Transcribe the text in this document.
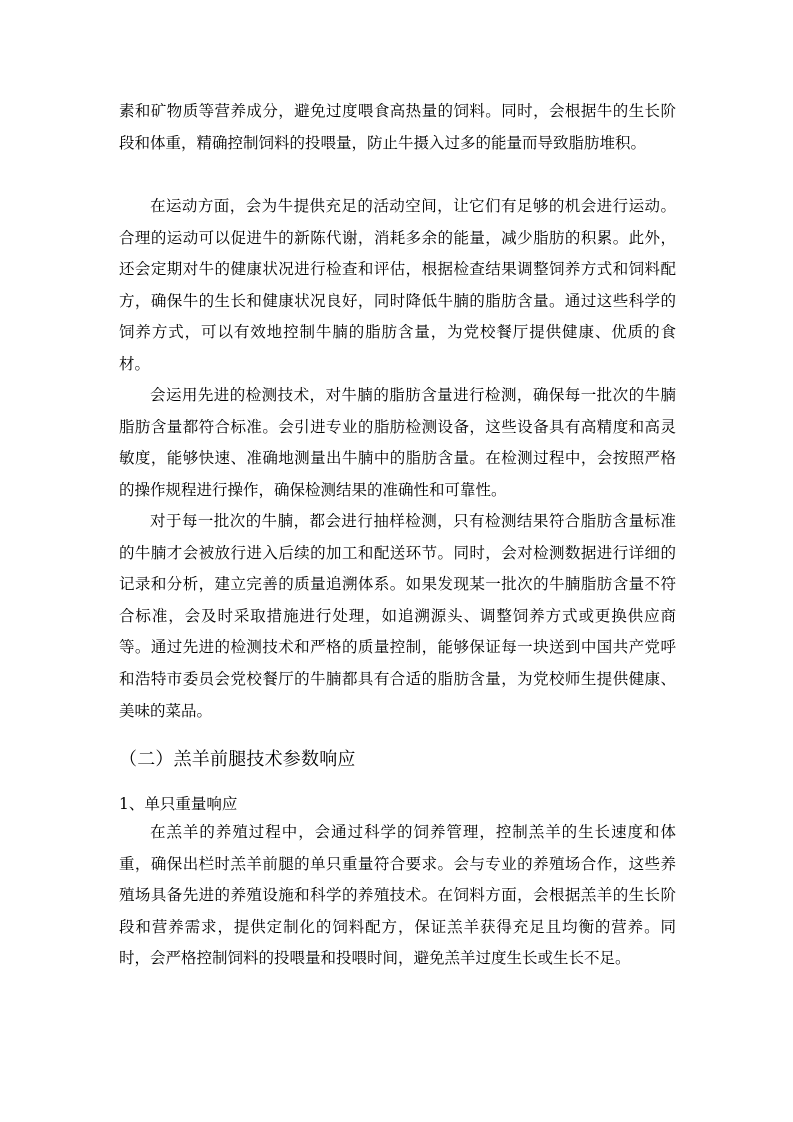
素和矿物质等营养成分，避免过度喂食高热量的饲料。同时，会根据牛的生长阶段和体重，精确控制饲料的投喂量，防止牛摄入过多的能量而导致脂肪堆积。

在运动方面，会为牛提供充足的活动空间，让它们有足够的机会进行运动。合理的运动可以促进牛的新陈代谢，消耗多余的能量，减少脂肪的积累。此外，还会定期对牛的健康状况进行检查和评估，根据检查结果调整饲养方式和饲料配方，确保牛的生长和健康状况良好，同时降低牛腩的脂肪含量。通过这些科学的饲养方式，可以有效地控制牛腩的脂肪含量，为党校餐厅提供健康、优质的食材。

会运用先进的检测技术，对牛腩的脂肪含量进行检测，确保每一批次的牛腩脂肪含量都符合标准。会引进专业的脂肪检测设备，这些设备具有高精度和高灵敏度，能够快速、准确地测量出牛腩中的脂肪含量。在检测过程中，会按照严格的操作规程进行操作，确保检测结果的准确性和可靠性。

对于每一批次的牛腩，都会进行抽样检测，只有检测结果符合脂肪含量标准的牛腩才会被放行进入后续的加工和配送环节。同时，会对检测数据进行详细的记录和分析，建立完善的质量追溯体系。如果发现某一批次的牛腩脂肪含量不符合标准，会及时采取措施进行处理，如追溯源头、调整饲养方式或更换供应商等。通过先进的检测技术和严格的质量控制，能够保证每一块送到中国共产党呼和浩特市委员会党校餐厅的牛腩都具有合适的脂肪含量，为党校师生提供健康、美味的菜品。

（二）羔羊前腿技术参数响应
1、单只重量响应

在羔羊的养殖过程中，会通过科学的饲养管理，控制羔羊的生长速度和体重，确保出栏时羔羊前腿的单只重量符合要求。会与专业的养殖场合作，这些养殖场具备先进的养殖设施和科学的养殖技术。在饲料方面，会根据羔羊的生长阶段和营养需求，提供定制化的饲料配方，保证羔羊获得充足且均衡的营养。同时，会严格控制饲料的投喂量和投喂时间，避免羔羊过度生长或生长不足。
